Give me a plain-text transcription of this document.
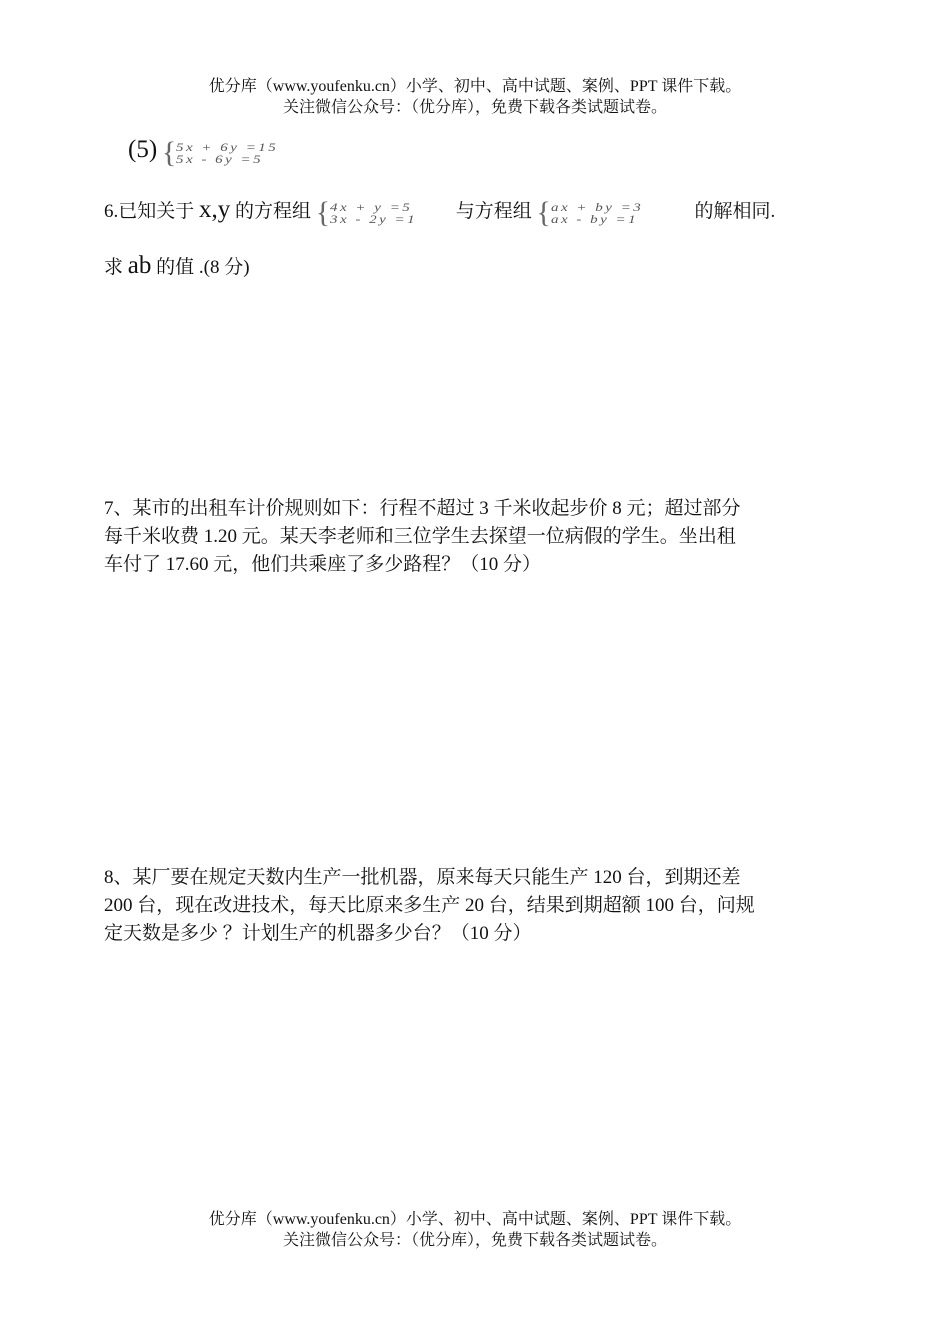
优分库（www.youfenku.cn）小学、初中、高中试题、案例、PPT 课件下载。
关注微信公众号：（优分库），免费下载各类试题试卷。
(5) { 5x + 6y =15
5x - 6y =5
6.已知关于 x,y 的方程组 { 4x + y =5
3x - 2y =1 与方程组 { ax + by =3
ax - by =1	的解相同.
求 ab 的值 .(8 分)
7、某市的出租车计价规则如下：行程不超过 3 千米收起步价 8 元；超过部分
每千米收费 1.20 元。某天李老师和三位学生去探望一位病假的学生。坐出租
车付了 17.60 元，他们共乘座了多少路程？（10 分）
8、某厂要在规定天数内生产一批机器，原来每天只能生产 120 台，到期还差
200 台，现在改进技术，每天比原来多生产 20 台，结果到期超额 100 台，问规
定天数是多少 ？计划生产的机器多少台？（10 分）
优分库（www.youfenku.cn）小学、初中、高中试题、案例、PPT 课件下载。
关注微信公众号：（优分库），免费下载各类试题试卷。
